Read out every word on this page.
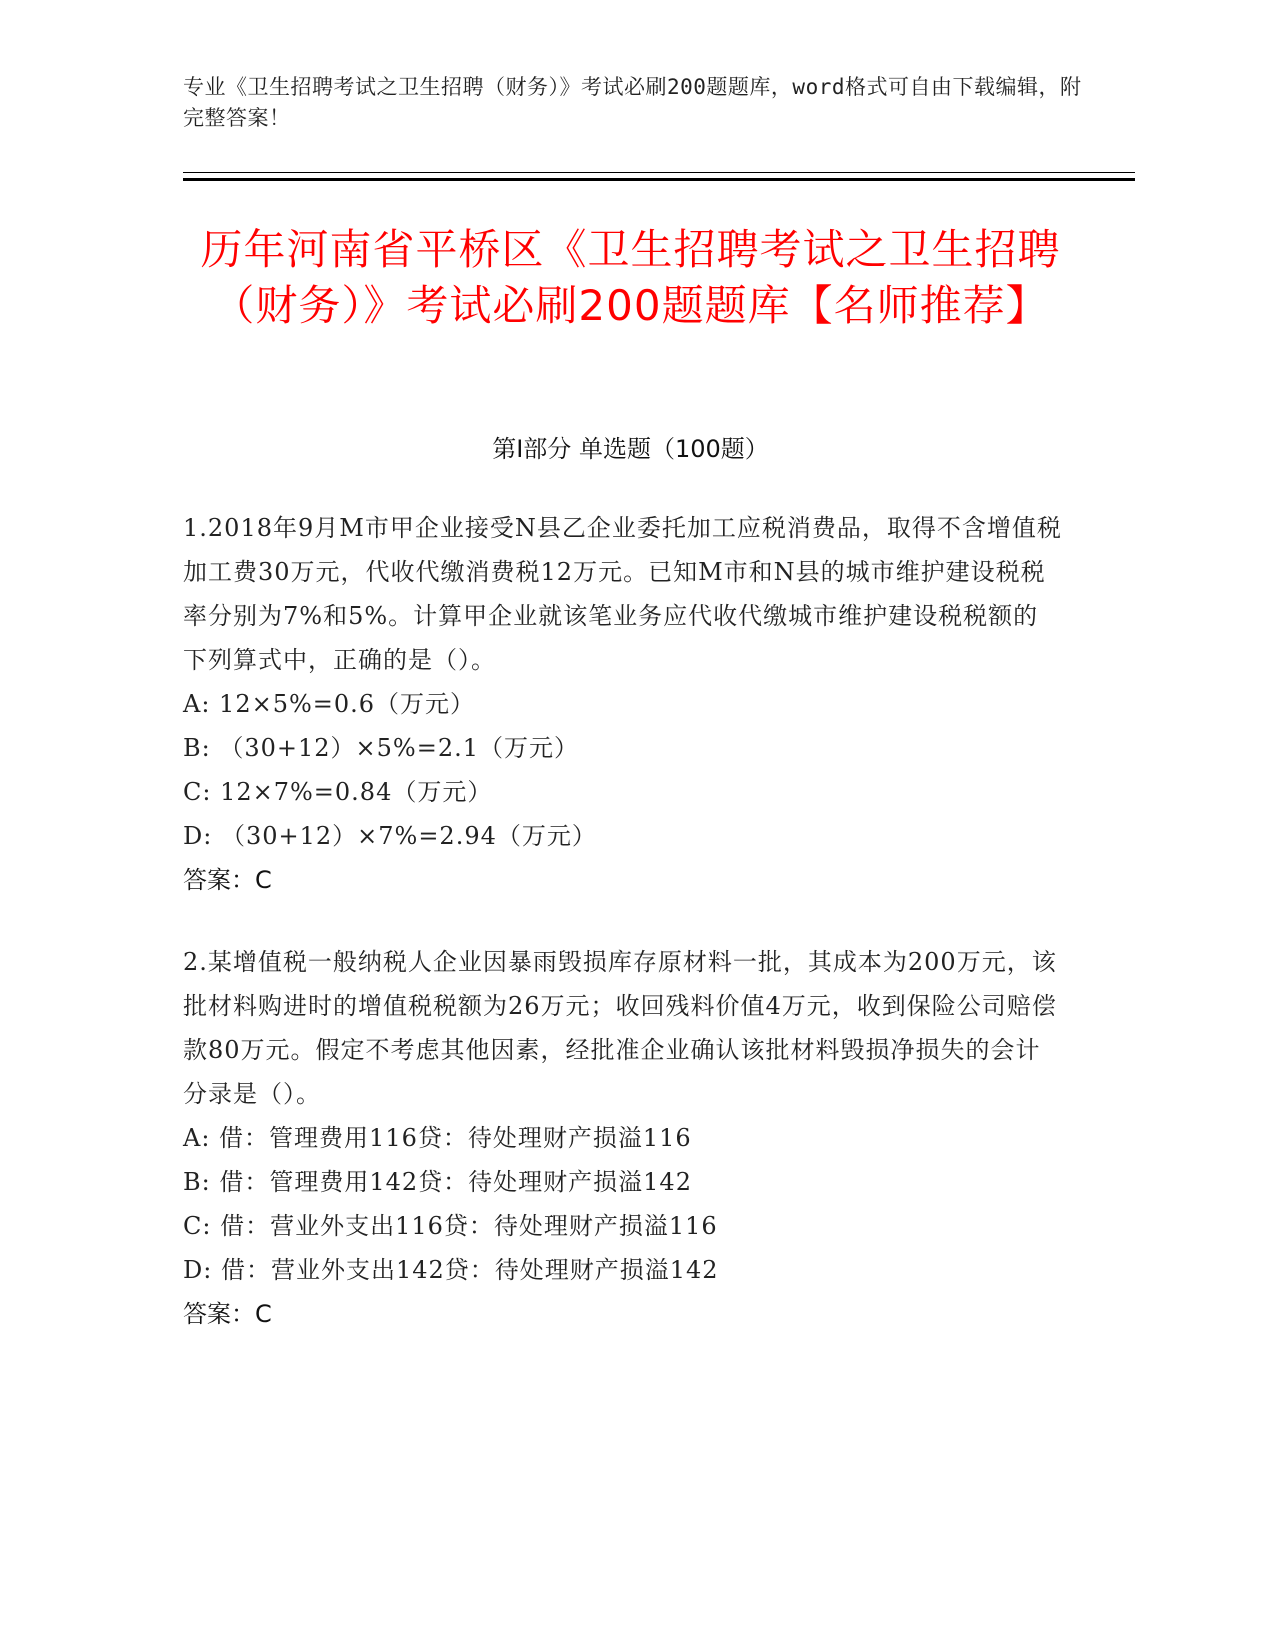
专业《卫生招聘考试之卫生招聘（财务）》考试必刷200题题库，word格式可自由下载编辑，附完整答案！
历年河南省平桥区《卫生招聘考试之卫生招聘（财务）》考试必刷200题题库【名师推荐】
第I部分 单选题（100题）

1.2018年9月M市甲企业接受N县乙企业委托加工应税消费品，取得不含增值税加工费30万元，代收代缴消费税12万元。已知M市和N县的城市维护建设税税率分别为7%和5%。计算甲企业就该笔业务应代收代缴城市维护建设税税额的下列算式中，正确的是（）。

A: 12×5%=0.6（万元）

B: （30+12）×5%=2.1（万元）

C: 12×7%=0.84（万元）

D: （30+12）×7%=2.94（万元）

答案：C

2.某增值税一般纳税人企业因暴雨毁损库存原材料一批，其成本为200万元，该批材料购进时的增值税税额为26万元；收回残料价值4万元，收到保险公司赔偿款80万元。假定不考虑其他因素，经批准企业确认该批材料毁损净损失的会计分录是（）。

A: 借：管理费用116贷：待处理财产损溢116

B: 借：管理费用142贷：待处理财产损溢142

C: 借：营业外支出116贷：待处理财产损溢116

D: 借：营业外支出142贷：待处理财产损溢142

答案：C
